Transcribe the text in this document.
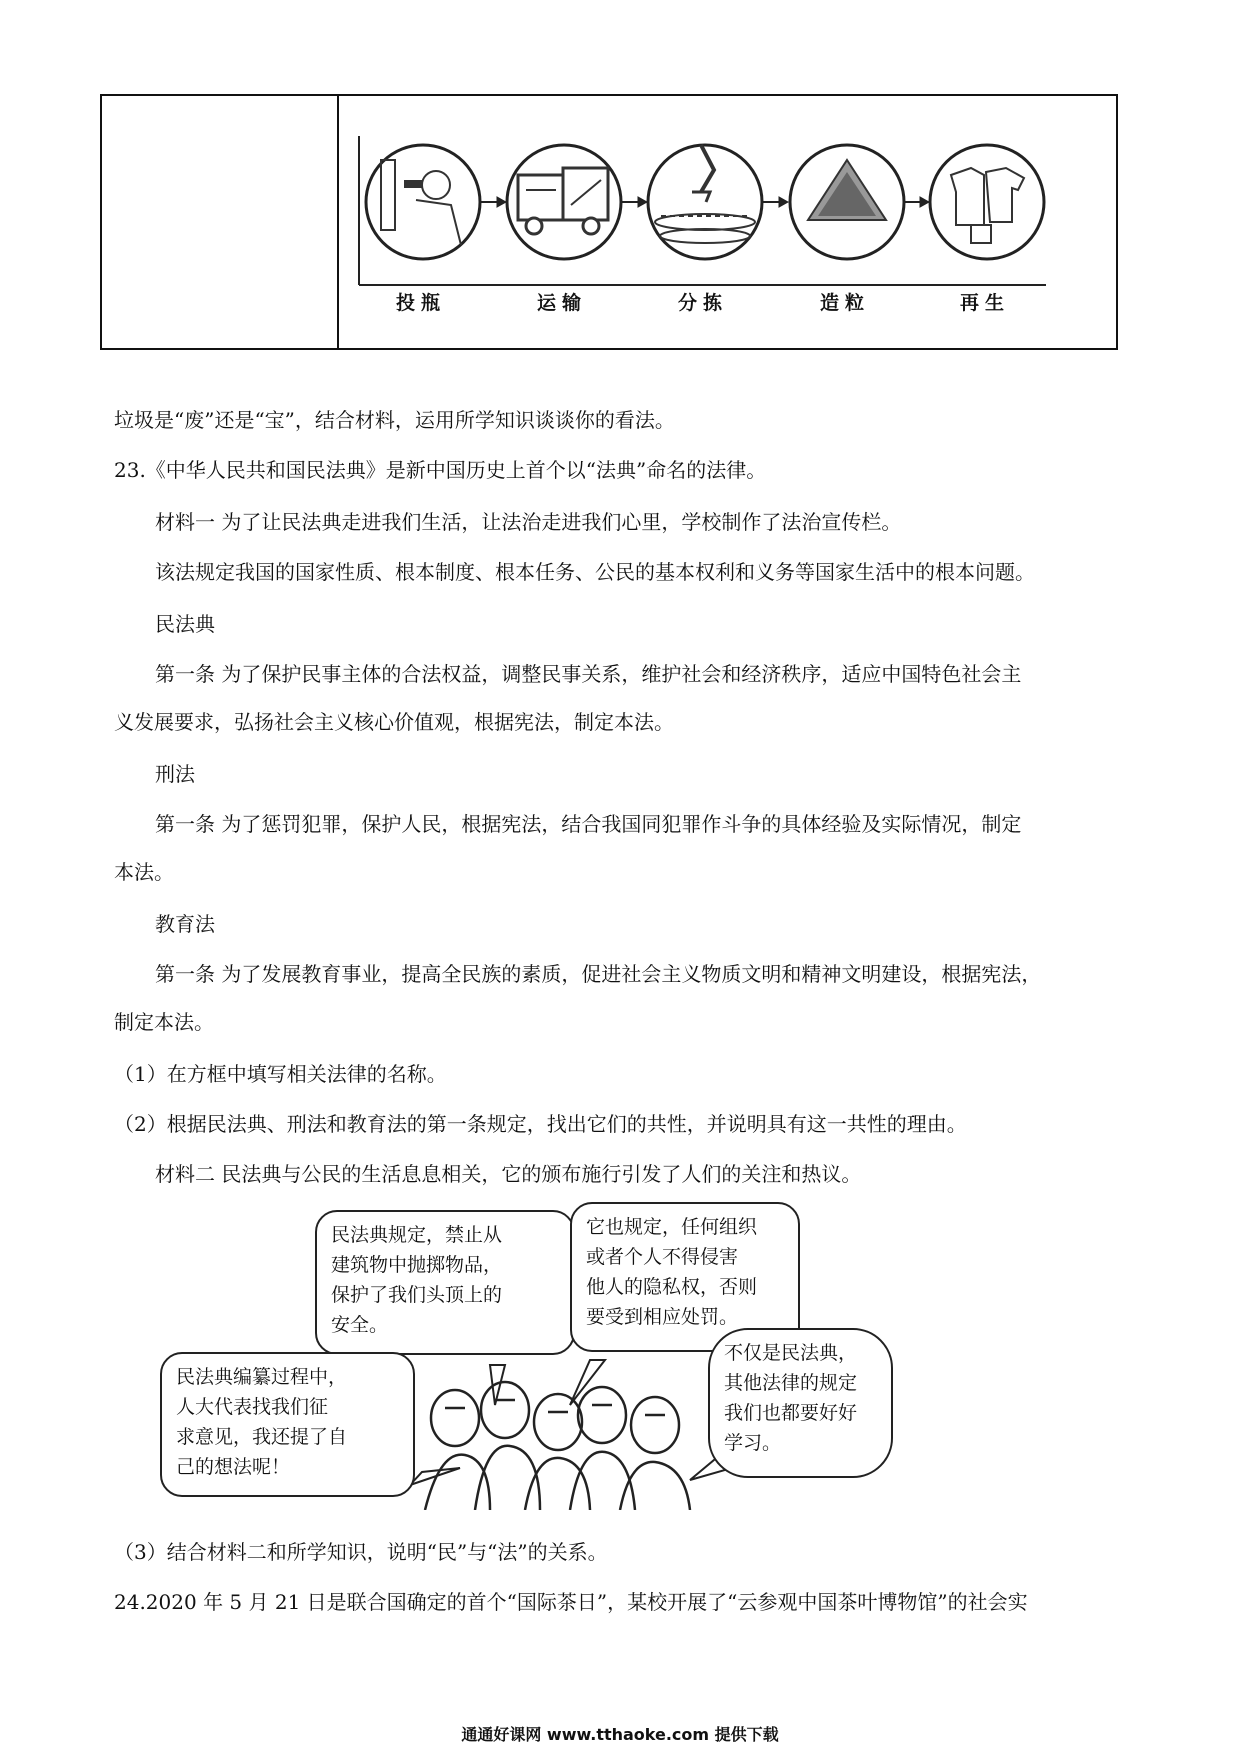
投瓶	运输	分拣	造粒	再生
垃圾是“废”还是“宝”，结合材料，运用所学知识谈谈你的看法。
23.《中华人民共和国民法典》是新中国历史上首个以“法典”命名的法律。
材料一 为了让民法典走进我们生活，让法治走进我们心里，学校制作了法治宣传栏。
该法规定我国的国家性质、根本制度、根本任务、公民的基本权利和义务等国家生活中的根本问题。
民法典
第一条 为了保护民事主体的合法权益，调整民事关系，维护社会和经济秩序，适应中国特色社会主
义发展要求，弘扬社会主义核心价值观，根据宪法，制定本法。
刑法
第一条 为了惩罚犯罪，保护人民，根据宪法，结合我国同犯罪作斗争的具体经验及实际情况，制定
本法。
教育法
第一条 为了发展教育事业，提高全民族的素质，促进社会主义物质文明和精神文明建设，根据宪法，
制定本法。
（1）在方框中填写相关法律的名称。
（2）根据民法典、刑法和教育法的第一条规定，找出它们的共性，并说明具有这一共性的理由。
材料二 民法典与公民的生活息息相关，它的颁布施行引发了人们的关注和热议。
民法典规定，禁止从
建筑物中抛掷物品，
保护了我们头顶上的
安全。
它也规定，任何组织
或者个人不得侵害
他人的隐私权，否则
要受到相应处罚。
民法典编纂过程中，
人大代表找我们征
求意见，我还提了自
己的想法呢！
不仅是民法典，
其他法律的规定
我们也都要好好
学习。
（3）结合材料二和所学知识，说明“民”与“法”的关系。
24.2020 年 5 月 21 日是联合国确定的首个“国际茶日”，某校开展了“云参观中国茶叶博物馆”的社会实
通通好课网 www.tthaoke.com 提供下载
